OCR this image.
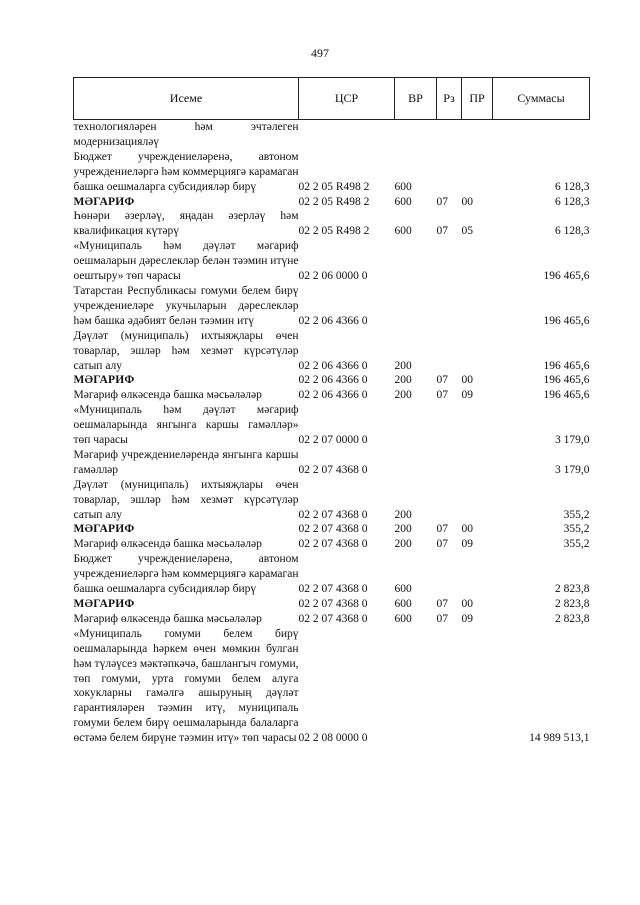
497
Исеме	ЦСР	ВР	Рз	ПР	Суммасы
технологияләрен һәм эчтәлеген модернизацияләү					
Бюджет учреждениеләренә, автоном учреждениеләргә һәм коммерциягә карамаган башка оешмаларга субсидияләр бирү	02 2 05 R498 2	600			6 128,3
МӘГАРИФ	02 2 05 R498 2	600	07	00	6 128,3
Һөнәри әзерләү, яңадан әзерләү һәм квалификация күтәрү	02 2 05 R498 2	600	07	05	6 128,3
«Муниципаль һәм дәүләт мәгариф оешмаларын дәреслекләр белән тәэмин итүне оештыру» төп чарасы	02 2 06 0000 0				196 465,6
Татарстан Республикасы гомуми белем бирү учреждениеләре укучыларын дәреслекләр һәм башка әдәбият белән тәэмин итү	02 2 06 4366 0				196 465,6
Дәүләт (муниципаль) ихтыяҗлары өчен товарлар, эшләр һәм хезмәт күрсәтүләр сатып алу	02 2 06 4366 0	200			196 465,6
МӘГАРИФ	02 2 06 4366 0	200	07	00	196 465,6
Мәгариф өлкәсендә башка мәсьәләләр	02 2 06 4366 0	200	07	09	196 465,6
«Муниципаль һәм дәүләт мәгариф оешмаларында янгынга каршы гамәлләр» төп чарасы	02 2 07 0000 0				3 179,0
Мәгариф учреждениеләрендә янгынга каршы гамәлләр	02 2 07 4368 0				3 179,0
Дәүләт (муниципаль) ихтыяҗлары өчен товарлар, эшләр һәм хезмәт күрсәтүләр сатып алу	02 2 07 4368 0	200			355,2
МӘГАРИФ	02 2 07 4368 0	200	07	00	355,2
Мәгариф өлкәсендә башка мәсьәләләр	02 2 07 4368 0	200	07	09	355,2
Бюджет учреждениеләренә, автоном учреждениеләргә һәм коммерциягә карамаган башка оешмаларга субсидияләр бирү	02 2 07 4368 0	600			2 823,8
МӘГАРИФ	02 2 07 4368 0	600	07	00	2 823,8
Мәгариф өлкәсендә башка мәсьәләләр	02 2 07 4368 0	600	07	09	2 823,8
«Муниципаль гомуми белем бирү оешмаларында һәркем өчен мөмкин булган һәм түләүсез мәктәпкәчә, башлангыч гомуми, төп гомуми, урта гомуми белем алуга хокукларны гамәлгә ашыруның дәүләт гарантияләрен тәэмин итү, муниципаль гомуми белем бирү оешмаларында балаларга өстәмә белем бирүне тәэмин итү» төп чарасы	02 2 08 0000 0				14 989 513,1
